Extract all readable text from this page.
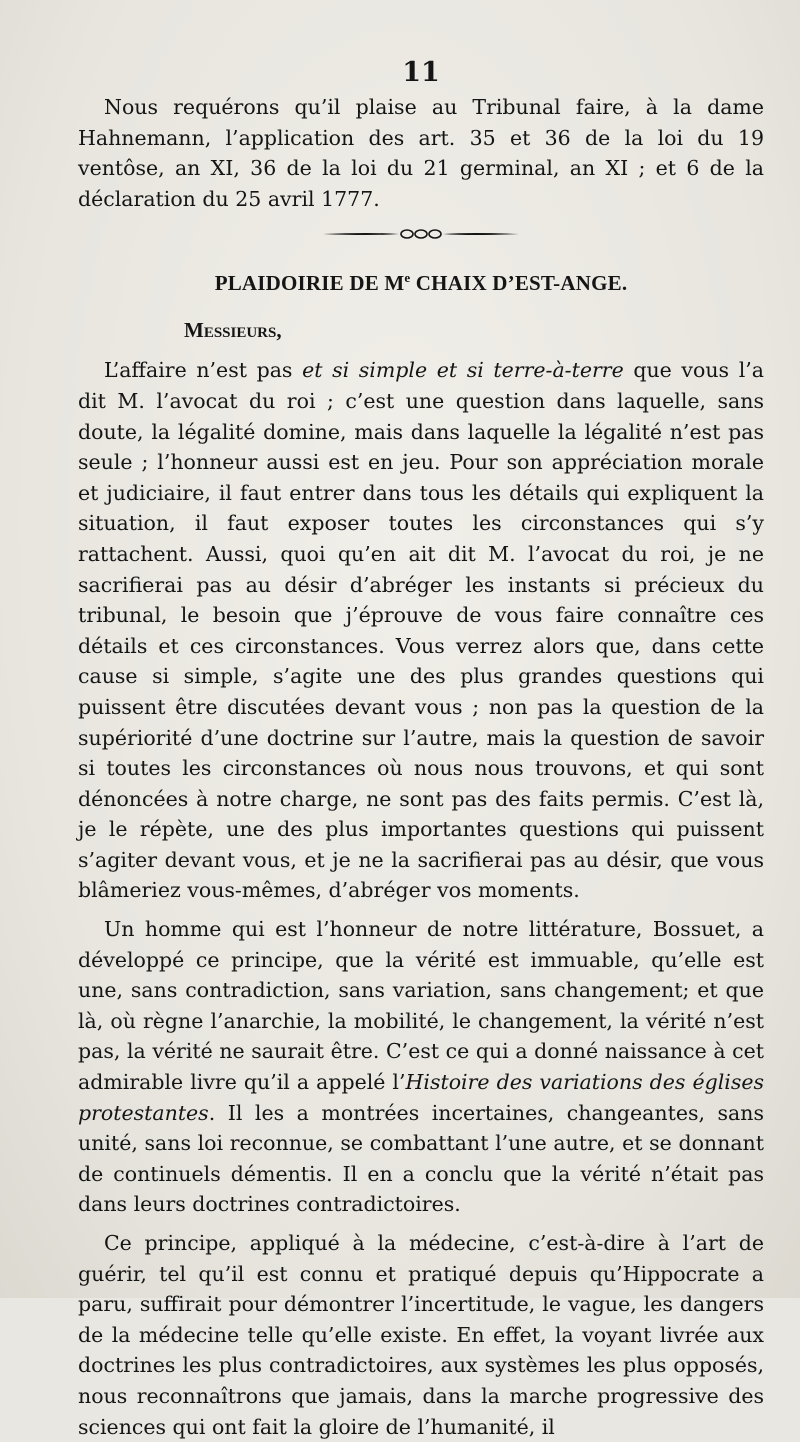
11

Nous requérons qu’il plaise au Tribunal faire, à la dame Hahnemann, l’application des art. 35 et 36 de la loi du 19 ventôse, an XI, 36 de la loi du 21 germinal, an XI ; et 6 de la déclaration du 25 avril 1777.

PLAIDOIRIE DE Me CHAIX D’EST-ANGE.
Messieurs,

L’affaire n’est pas et si simple et si terre-à-terre que vous l’a dit M. l’avocat du roi ; c’est une question dans laquelle, sans doute, la légalité domine, mais dans laquelle la légalité n’est pas seule ; l’honneur aussi est en jeu. Pour son appréciation morale et judiciaire, il faut entrer dans tous les détails qui expliquent la situation, il faut exposer toutes les circonstances qui s’y rattachent. Aussi, quoi qu’en ait dit M. l’avocat du roi, je ne sacrifierai pas au désir d’abréger les instants si précieux du tribunal, le besoin que j’éprouve de vous faire connaître ces détails et ces circonstances. Vous verrez alors que, dans cette cause si simple, s’agite une des plus grandes questions qui puissent être discutées devant vous ; non pas la question de la supériorité d’une doctrine sur l’autre, mais la question de savoir si toutes les circonstances où nous nous trouvons, et qui sont dénoncées à notre charge, ne sont pas des faits permis. C’est là, je le répète, une des plus importantes questions qui puissent s’agiter devant vous, et je ne la sacrifierai pas au désir, que vous blâmeriez vous-mêmes, d’abréger vos moments.

Un homme qui est l’honneur de notre littérature, Bossuet, a développé ce principe, que la vérité est immuable, qu’elle est une, sans contradiction, sans variation, sans changement; et que là, où règne l’anarchie, la mobilité, le changement, la vérité n’est pas, la vérité ne saurait être. C’est ce qui a donné naissance à cet admirable livre qu’il a appelé l’Histoire des variations des églises protestantes. Il les a montrées incertaines, changeantes, sans unité, sans loi reconnue, se combattant l’une autre, et se donnant de continuels démentis. Il en a conclu que la vérité n’était pas dans leurs doctrines contradictoires.

Ce principe, appliqué à la médecine, c’est-à-dire à l’art de guérir, tel qu’il est connu et pratiqué depuis qu’Hippocrate a paru, suffirait pour démontrer l’incertitude, le vague, les dangers de la médecine telle qu’elle existe. En effet, la voyant livrée aux doctrines les plus contradictoires, aux systèmes les plus opposés, nous reconnaîtrons que jamais, dans la marche progressive des sciences qui ont fait la gloire de l’humanité, il
